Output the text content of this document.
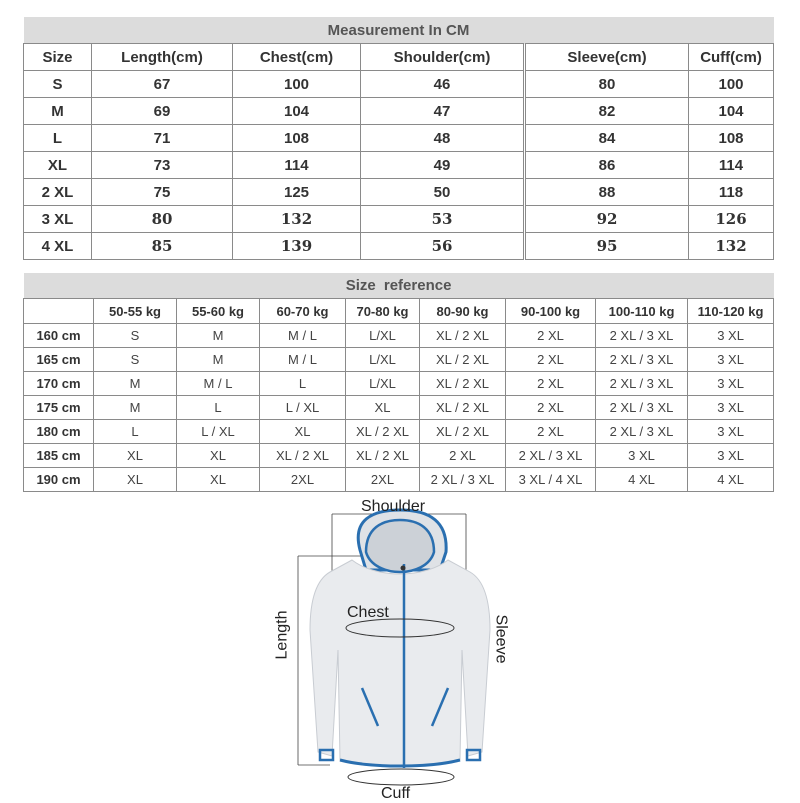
Measurement In CM					
Size	Length(cm)	Chest(cm)	Shoulder(cm)	Sleeve(cm)	Cuff(cm)
S	67	100	46	80	100
M	69	104	47	82	104
L	71	108	48	84	108
XL	73	114	49	86	114
2 XL	75	125	50	88	118
3 XL	80	132	53	92	126
4 XL	85	139	56	95	132
Size reference								
	50-55 kg	55-60 kg	60-70 kg	70-80 kg	80-90 kg	90-100 kg	100-110 kg	110-120 kg
160 cm	S	M	M / L	L/XL	XL / 2 XL	2 XL	2 XL / 3 XL	3 XL
165 cm	S	M	M / L	L/XL	XL / 2 XL	2 XL	2 XL / 3 XL	3 XL
170 cm	M	M / L	L	L/XL	XL / 2 XL	2 XL	2 XL / 3 XL	3 XL
175 cm	M	L	L / XL	XL	XL / 2 XL	2 XL	2 XL / 3 XL	3 XL
180 cm	L	L / XL	XL	XL / 2 XL	XL / 2 XL	2 XL	2 XL / 3 XL	3 XL
185 cm	XL	XL	XL / 2 XL	XL / 2 XL	2 XL	2 XL / 3 XL	3 XL	3 XL
190 cm	XL	XL	2XL	2XL	2 XL / 3 XL	3 XL / 4 XL	4 XL	4 XL
Shoulder
Chest
Length	Sleeve
Cuff
